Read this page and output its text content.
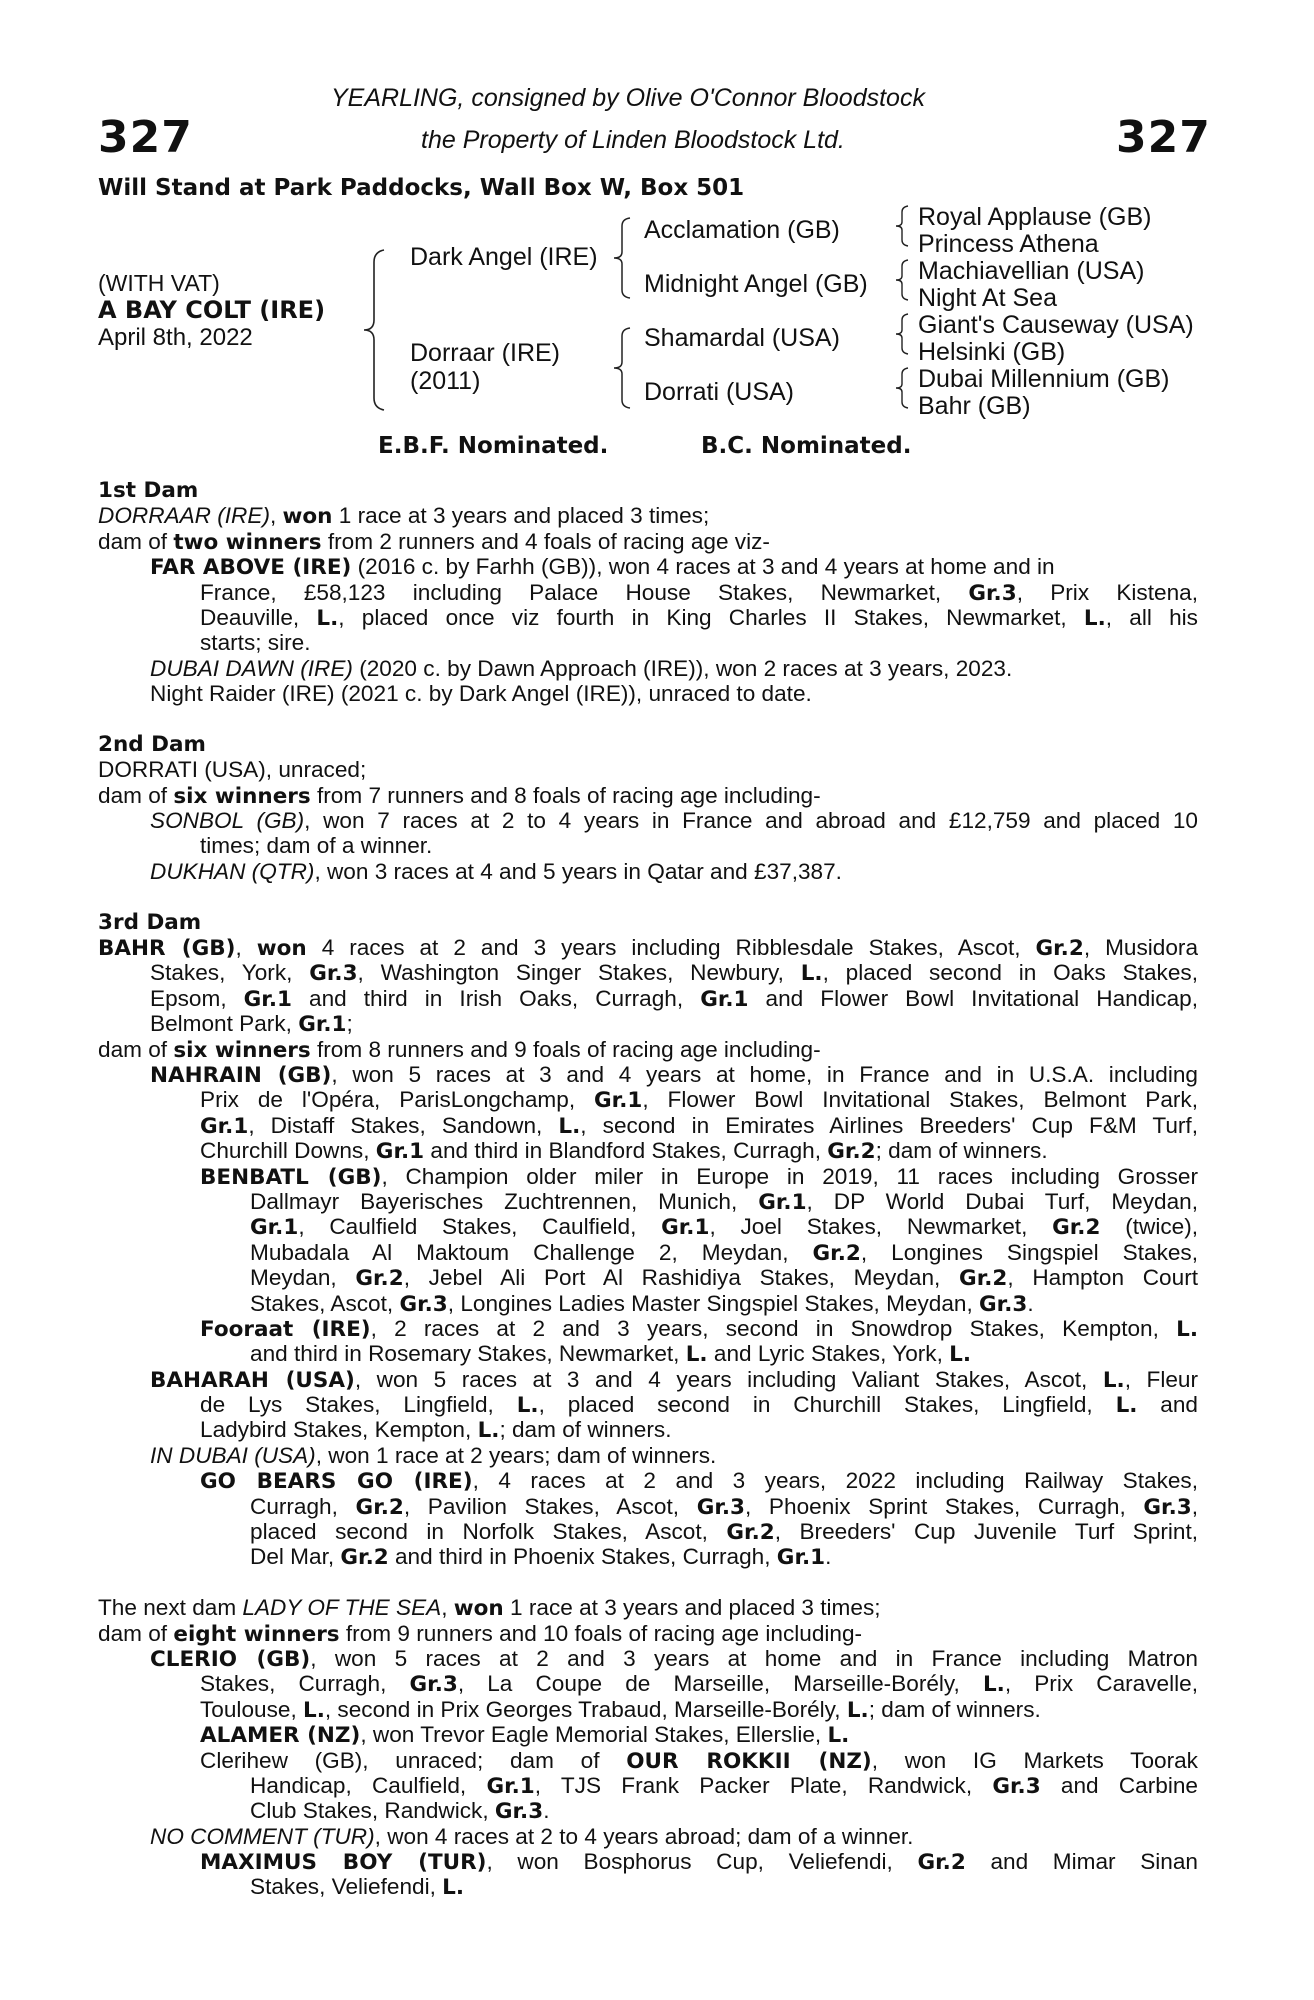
327	327
YEARLING, consigned by Olive O'Connor Bloodstock
the Property of Linden Bloodstock Ltd.
Will Stand at Park Paddocks, Wall Box W, Box 501
(WITH VAT)
A BAY COLT (IRE)
April 8th, 2022
Dark Angel (IRE)
Dorraar (IRE)
(2011)
Acclamation (GB)
Midnight Angel (GB)
Shamardal (USA)
Dorrati (USA)
Royal Applause (GB)
Princess Athena
Machiavellian (USA)
Night At Sea
Giant's Causeway (USA)
Helsinki (GB)
Dubai Millennium (GB)
Bahr (GB)
E.B.F. Nominated.	B.C. Nominated.
1st Dam
DORRAAR (IRE), won 1 race at 3 years and placed 3 times;
dam of two winners from 2 runners and 4 foals of racing age viz-
FAR ABOVE (IRE) (2016 c. by Farhh (GB)), won 4 races at 3 and 4 years at home and in
France, £58,123 including Palace House Stakes, Newmarket, Gr.3, Prix Kistena,
Deauville, L., placed once viz fourth in King Charles II Stakes, Newmarket, L., all his
starts; sire.
DUBAI DAWN (IRE) (2020 c. by Dawn Approach (IRE)), won 2 races at 3 years, 2023.
Night Raider (IRE) (2021 c. by Dark Angel (IRE)), unraced to date.
2nd Dam
DORRATI (USA), unraced;
dam of six winners from 7 runners and 8 foals of racing age including-
SONBOL (GB), won 7 races at 2 to 4 years in France and abroad and £12,759 and placed 10
times; dam of a winner.
DUKHAN (QTR), won 3 races at 4 and 5 years in Qatar and £37,387.
3rd Dam
BAHR (GB), won 4 races at 2 and 3 years including Ribblesdale Stakes, Ascot, Gr.2, Musidora
Stakes, York, Gr.3, Washington Singer Stakes, Newbury, L., placed second in Oaks Stakes,
Epsom, Gr.1 and third in Irish Oaks, Curragh, Gr.1 and Flower Bowl Invitational Handicap,
Belmont Park, Gr.1;
dam of six winners from 8 runners and 9 foals of racing age including-
NAHRAIN (GB), won 5 races at 3 and 4 years at home, in France and in U.S.A. including
Prix de l'Opéra, ParisLongchamp, Gr.1, Flower Bowl Invitational Stakes, Belmont Park,
Gr.1, Distaff Stakes, Sandown, L., second in Emirates Airlines Breeders' Cup F&M Turf,
Churchill Downs, Gr.1 and third in Blandford Stakes, Curragh, Gr.2; dam of winners.
BENBATL (GB), Champion older miler in Europe in 2019, 11 races including Grosser
Dallmayr Bayerisches Zuchtrennen, Munich, Gr.1, DP World Dubai Turf, Meydan,
Gr.1, Caulfield Stakes, Caulfield, Gr.1, Joel Stakes, Newmarket, Gr.2 (twice),
Mubadala Al Maktoum Challenge 2, Meydan, Gr.2, Longines Singspiel Stakes,
Meydan, Gr.2, Jebel Ali Port Al Rashidiya Stakes, Meydan, Gr.2, Hampton Court
Stakes, Ascot, Gr.3, Longines Ladies Master Singspiel Stakes, Meydan, Gr.3.
Fooraat (IRE), 2 races at 2 and 3 years, second in Snowdrop Stakes, Kempton, L.
and third in Rosemary Stakes, Newmarket, L. and Lyric Stakes, York, L.
BAHARAH (USA), won 5 races at 3 and 4 years including Valiant Stakes, Ascot, L., Fleur
de Lys Stakes, Lingfield, L., placed second in Churchill Stakes, Lingfield, L. and
Ladybird Stakes, Kempton, L.; dam of winners.
IN DUBAI (USA), won 1 race at 2 years; dam of winners.
GO BEARS GO (IRE), 4 races at 2 and 3 years, 2022 including Railway Stakes,
Curragh, Gr.2, Pavilion Stakes, Ascot, Gr.3, Phoenix Sprint Stakes, Curragh, Gr.3,
placed second in Norfolk Stakes, Ascot, Gr.2, Breeders' Cup Juvenile Turf Sprint,
Del Mar, Gr.2 and third in Phoenix Stakes, Curragh, Gr.1.
The next dam LADY OF THE SEA, won 1 race at 3 years and placed 3 times;
dam of eight winners from 9 runners and 10 foals of racing age including-
CLERIO (GB), won 5 races at 2 and 3 years at home and in France including Matron
Stakes, Curragh, Gr.3, La Coupe de Marseille, Marseille-Borély, L., Prix Caravelle,
Toulouse, L., second in Prix Georges Trabaud, Marseille-Borély, L.; dam of winners.
ALAMER (NZ), won Trevor Eagle Memorial Stakes, Ellerslie, L.
Clerihew (GB), unraced; dam of OUR ROKKII (NZ), won IG Markets Toorak
Handicap, Caulfield, Gr.1, TJS Frank Packer Plate, Randwick, Gr.3 and Carbine
Club Stakes, Randwick, Gr.3.
NO COMMENT (TUR), won 4 races at 2 to 4 years abroad; dam of a winner.
MAXIMUS BOY (TUR), won Bosphorus Cup, Veliefendi, Gr.2 and Mimar Sinan
Stakes, Veliefendi, L.
